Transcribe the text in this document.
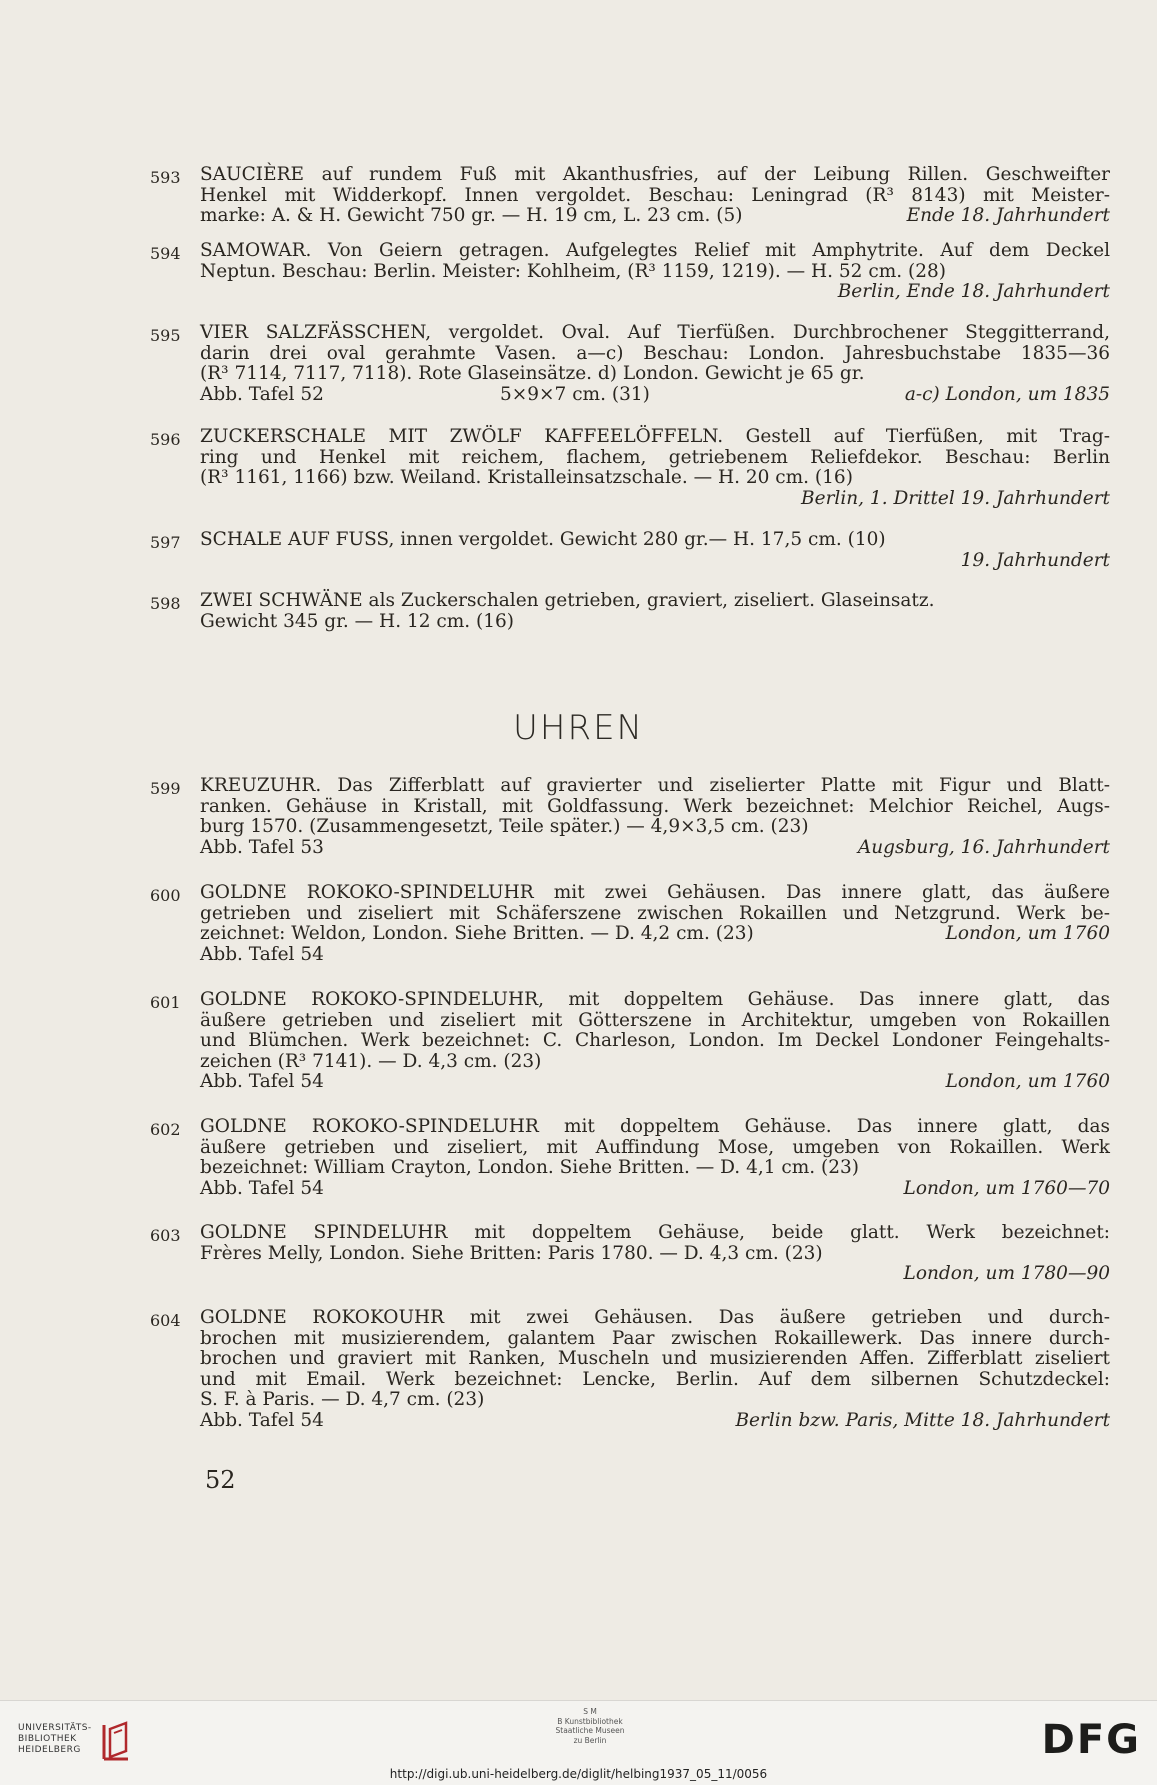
593	SAUCIÈRE auf rundem Fuß mit Akanthusfries, auf der Leibung Rillen. Geschweifter
Henkel mit Widderkopf. Innen vergoldet. Beschau: Leningrad (R³ 8143) mit Meister-
marke: A. & H. Gewicht 750 gr. — H. 19 cm, L. 23 cm. (5)	Ende 18. Jahrhundert
594	SAMOWAR. Von Geiern getragen. Aufgelegtes Relief mit Amphytrite. Auf dem Deckel
Neptun. Beschau: Berlin. Meister: Kohlheim, (R³ 1159, 1219). — H. 52 cm. (28)
Berlin, Ende 18. Jahrhundert
595	VIER SALZFÄSSCHEN, vergoldet. Oval. Auf Tierfüßen. Durchbrochener Steggitterrand,
darin drei oval gerahmte Vasen. a—c) Beschau: London. Jahresbuchstabe 1835—36
(R³ 7114, 7117, 7118). Rote Glaseinsätze. d) London. Gewicht je 65 gr.
Abb. Tafel 52	5×9×7 cm. (31)	a-c) London, um 1835
596	ZUCKERSCHALE MIT ZWÖLF KAFFEELÖFFELN. Gestell auf Tierfüßen, mit Trag-
ring und Henkel mit reichem, flachem, getriebenem Reliefdekor. Beschau: Berlin
(R³ 1161, 1166) bzw. Weiland. Kristalleinsatzschale. — H. 20 cm. (16)
Berlin, 1. Drittel 19. Jahrhundert
597	SCHALE AUF FUSS, innen vergoldet. Gewicht 280 gr.— H. 17,5 cm. (10)
19. Jahrhundert
598	ZWEI SCHWÄNE als Zuckerschalen getrieben, graviert, ziseliert. Glaseinsatz.
Gewicht 345 gr. — H. 12 cm. (16)
UHREN
599	KREUZUHR. Das Zifferblatt auf gravierter und ziselierter Platte mit Figur und Blatt-
ranken. Gehäuse in Kristall, mit Goldfassung. Werk bezeichnet: Melchior Reichel, Augs-
burg 1570. (Zusammengesetzt, Teile später.) — 4,9×3,5 cm. (23)
Abb. Tafel 53	Augsburg, 16. Jahrhundert
600	GOLDNE ROKOKO-SPINDELUHR mit zwei Gehäusen. Das innere glatt, das äußere
getrieben und ziseliert mit Schäferszene zwischen Rokaillen und Netzgrund. Werk be-
zeichnet: Weldon, London. Siehe Britten. — D. 4,2 cm. (23)	London, um 1760
Abb. Tafel 54
601	GOLDNE ROKOKO-SPINDELUHR, mit doppeltem Gehäuse. Das innere glatt, das
äußere getrieben und ziseliert mit Götterszene in Architektur, umgeben von Rokaillen
und Blümchen. Werk bezeichnet: C. Charleson, London. Im Deckel Londoner Feingehalts-
zeichen (R³ 7141). — D. 4,3 cm. (23)
Abb. Tafel 54	London, um 1760
602	GOLDNE ROKOKO-SPINDELUHR mit doppeltem Gehäuse. Das innere glatt, das
äußere getrieben und ziseliert, mit Auffindung Mose, umgeben von Rokaillen. Werk
bezeichnet: William Crayton, London. Siehe Britten. — D. 4,1 cm. (23)
Abb. Tafel 54	London, um 1760—70
603	GOLDNE SPINDELUHR mit doppeltem Gehäuse, beide glatt. Werk bezeichnet:
Frères Melly, London. Siehe Britten: Paris 1780. — D. 4,3 cm. (23)
London, um 1780—90
604	GOLDNE ROKOKOUHR mit zwei Gehäusen. Das äußere getrieben und durch-
brochen mit musizierendem, galantem Paar zwischen Rokaillewerk. Das innere durch-
brochen und graviert mit Ranken, Muscheln und musizierenden Affen. Zifferblatt ziseliert
und mit Email. Werk bezeichnet: Lencke, Berlin. Auf dem silbernen Schutzdeckel:
S. F. à Paris. — D. 4,7 cm. (23)
Abb. Tafel 54	Berlin bzw. Paris, Mitte 18. Jahrhundert
52
UNIVERSITÄTS-
BIBLIOTHEK
HEIDELBERG
S M
B Kunstbibliothek
Staatliche Museen
zu Berlin	DFG
http://digi.ub.uni-heidelberg.de/diglit/helbing1937_05_11/0056
